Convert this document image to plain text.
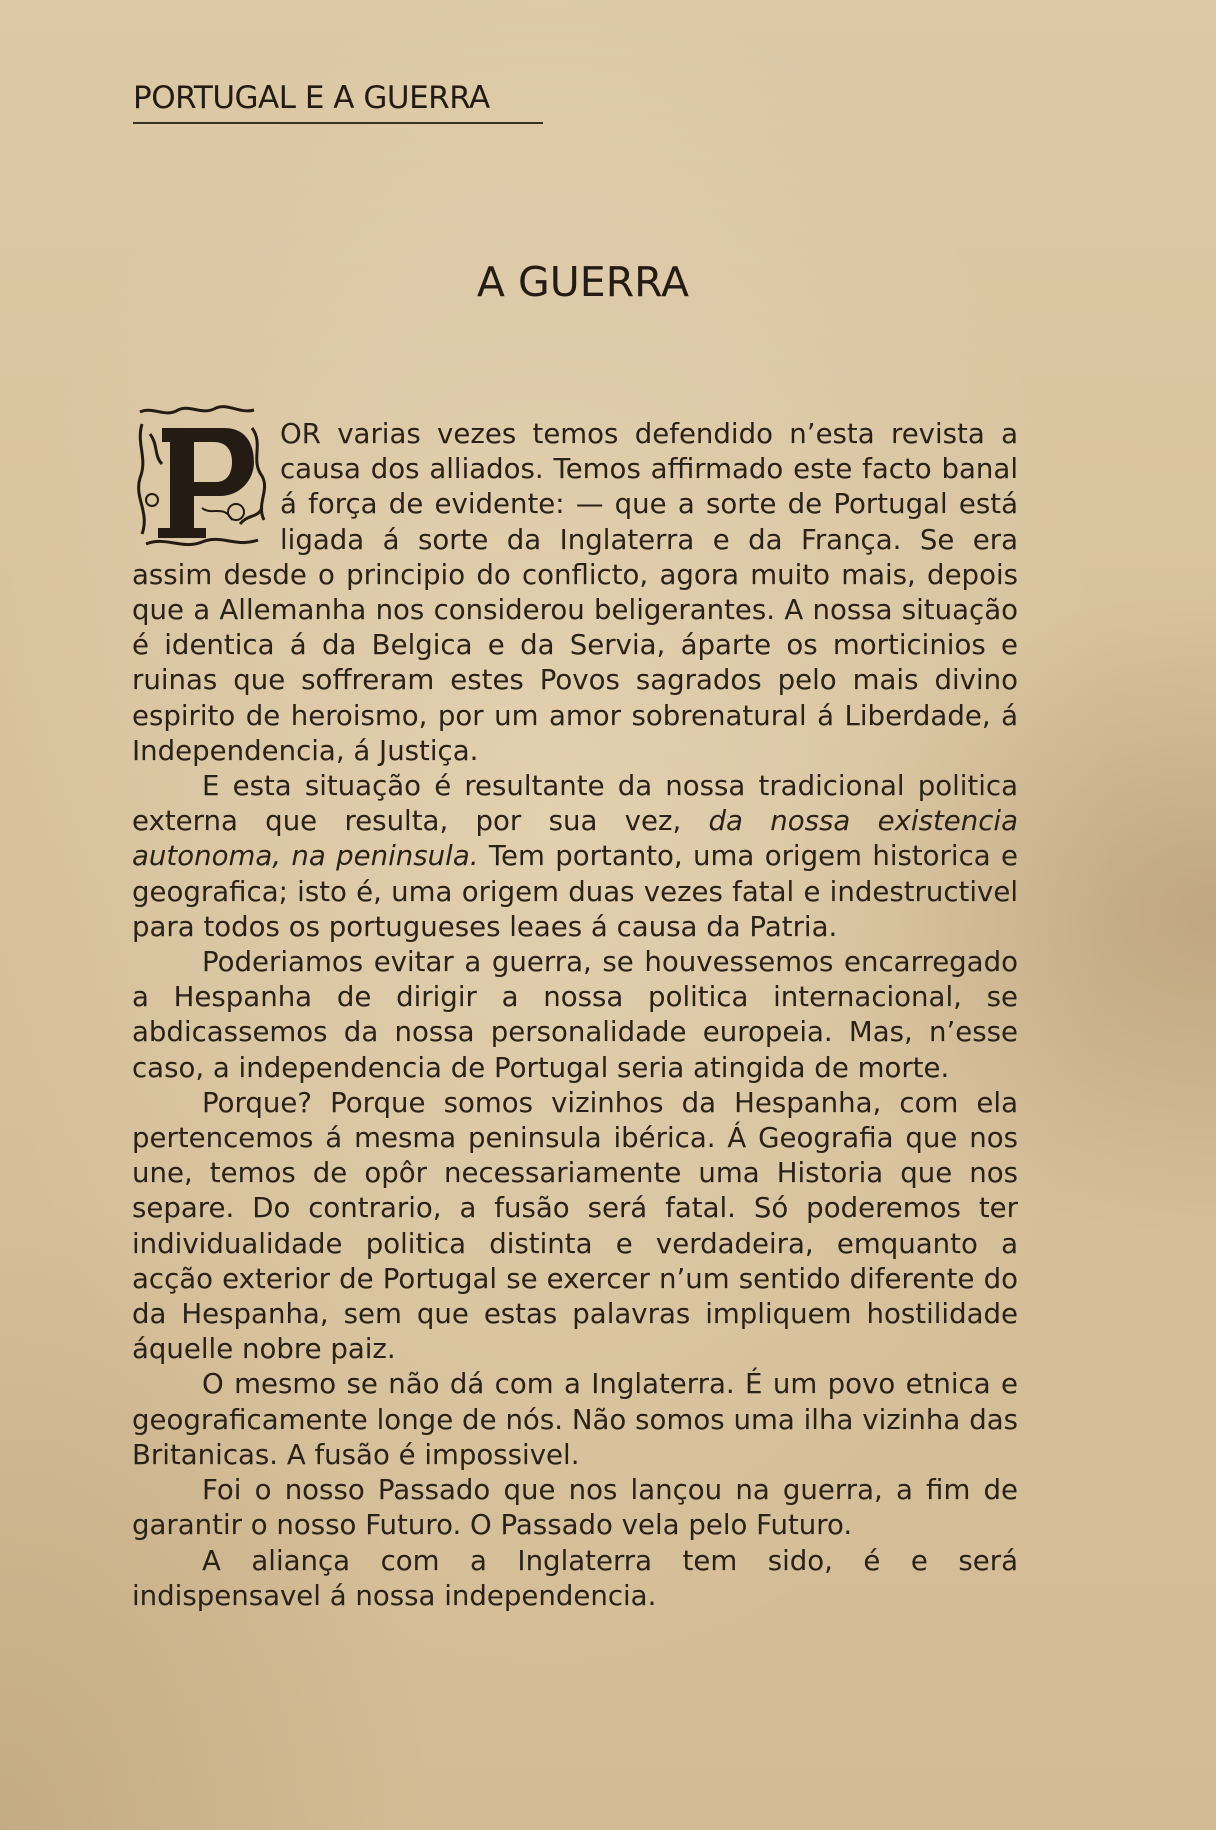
PORTUGAL E A GUERRA
A GUERRA

P
OR varias vezes temos defendido n’esta revista a causa dos alliados. Temos affirmado este facto banal á força de evidente: — que a sorte de Portugal está ligada á sorte da Inglaterra e da França. Se era assim desde o principio do conflicto, agora muito mais, depois que a Allemanha nos considerou beligerantes. A nossa situação é identica á da Belgica e da Servia, áparte os morticinios e ruinas que soffreram estes Povos sagrados pelo mais divino espirito de heroismo, por um amor sobrenatural á Liberdade, á Independencia, á Justiça.

E esta situação é resultante da nossa tradicional politica externa que resulta, por sua vez, da nossa existencia autonoma, na peninsula. Tem portanto, uma origem historica e geografica; isto é, uma origem duas vezes fatal e indestructivel para todos os portugueses leaes á causa da Patria.

Poderiamos evitar a guerra, se houvessemos encarregado a Hespanha de dirigir a nossa politica internacional, se abdicassemos da nossa personalidade europeia. Mas, n’esse caso, a independencia de Portugal seria atingida de morte.

Porque? Porque somos vizinhos da Hespanha, com ela pertencemos á mesma peninsula ibérica. Á Geografia que nos une, temos de opôr necessariamente uma Historia que nos separe. Do contrario, a fusão será fatal. Só poderemos ter individualidade politica distinta e verdadeira, emquanto a acção exterior de Portugal se exercer n’um sentido diferente do da Hespanha, sem que estas palavras impliquem hostilidade áquelle nobre paiz.

O mesmo se não dá com a Inglaterra. É um povo etnica e geograficamente longe de nós. Não somos uma ilha vizinha das Britanicas. A fusão é impossivel.

Foi o nosso Passado que nos lançou na guerra, a fim de garantir o nosso Futuro. O Passado vela pelo Futuro.

A aliança com a Inglaterra tem sido, é e será indispensavel á nossa independencia.
